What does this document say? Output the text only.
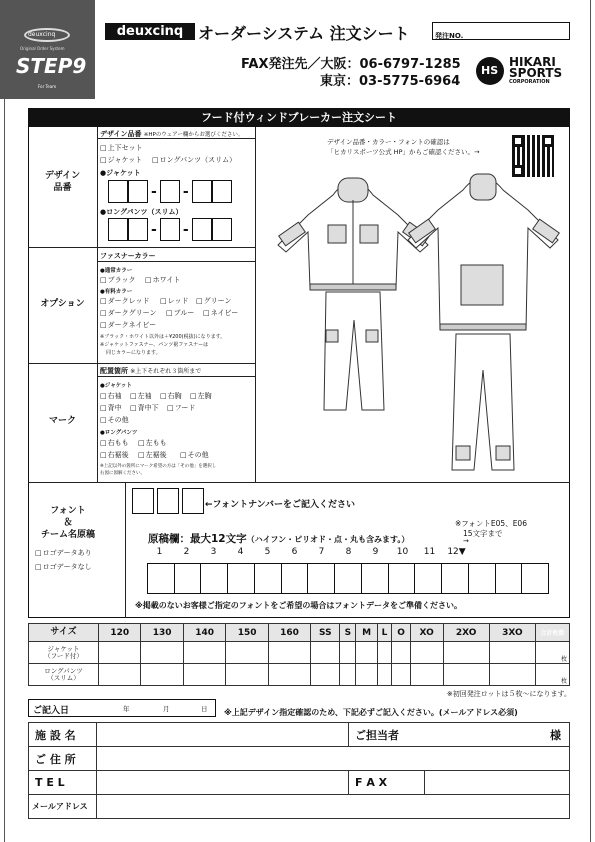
deuxcinq
Original Order System
STEP9
For Team
deuxcinq オーダーシステム 注文シート	発注NO.
FAX発注先／大阪：06-6797-1285
東京：03-5775-6964
HS
HIKARI
SPORTS
CORPORATION
フード付ウィンドブレーカー注文シート
デザイン
品番
デザイン品番 ※HPのウェアー欄からお選びください。
□ 上下セット
□ ジャケット	□ ロングパンツ（スリム）
●ジャケット
- -
●ロングパンツ（スリム）
- -
オプション
ファスナーカラー
●通常カラー
□ ブラック	□ ホワイト
●有料カラー
□ ダークレッド	□ レッド	□ グリーン
□ ダークグリーン	□ ブルー	□ ネイビー
□ ダークネイビー
※ブラック・ホワイト以外は＋¥200(税抜)になります。
※ジャケットファスナー、パンツ裾ファスナーは
同じカラーになります。
マーク
配置箇所 ※上下それぞれ３箇所まで
●ジャケット
□ 右袖	□ 左袖	□ 右胸	□ 左胸
□ 背中	□ 背中下	□ フード
□ その他
●ロングパンツ
□ 右もも	□ 左もも
□ 右裾後	□ 左裾後	□ その他
※上記以外の箇所にマーク希望の方は「その他」を選択し
右図に図解ください。
デザイン品番・カラー・フォントの確認は
「ヒカリスポーツ公式 HP」からご確認ください。→
フォント
＆
チーム名原稿
□ ロゴデータあり
□ ロゴデータなし
←フォントナンバーをご記入ください
原稿欄：最大12文字（ハイフン・ピリオド・点・丸も含みます。）
※フォントE05、E06
15文字まで
→
1 2 3 4 5 6 7 8 9 10 11 12▼
※掲載のないお客様ご指定のフォントをご希望の場合はフォントデータをご準備ください。
サイズ	120	130	140	150	160	SS	S	M	L	O	XO	2XO	3XO	合計枚数
ジャケット
（フード付）														枚
ロングパンツ
（スリム）														枚
※初回発注ロットは５枚～になります。
ご記入日	年	月	日 ※上記デザイン指定確認のため、下記必ずご記入ください。(メールアドレス必須)
施 設 名		ご担当者	様
ご 住 所			
T E L		F A X	
メールアドレス			
